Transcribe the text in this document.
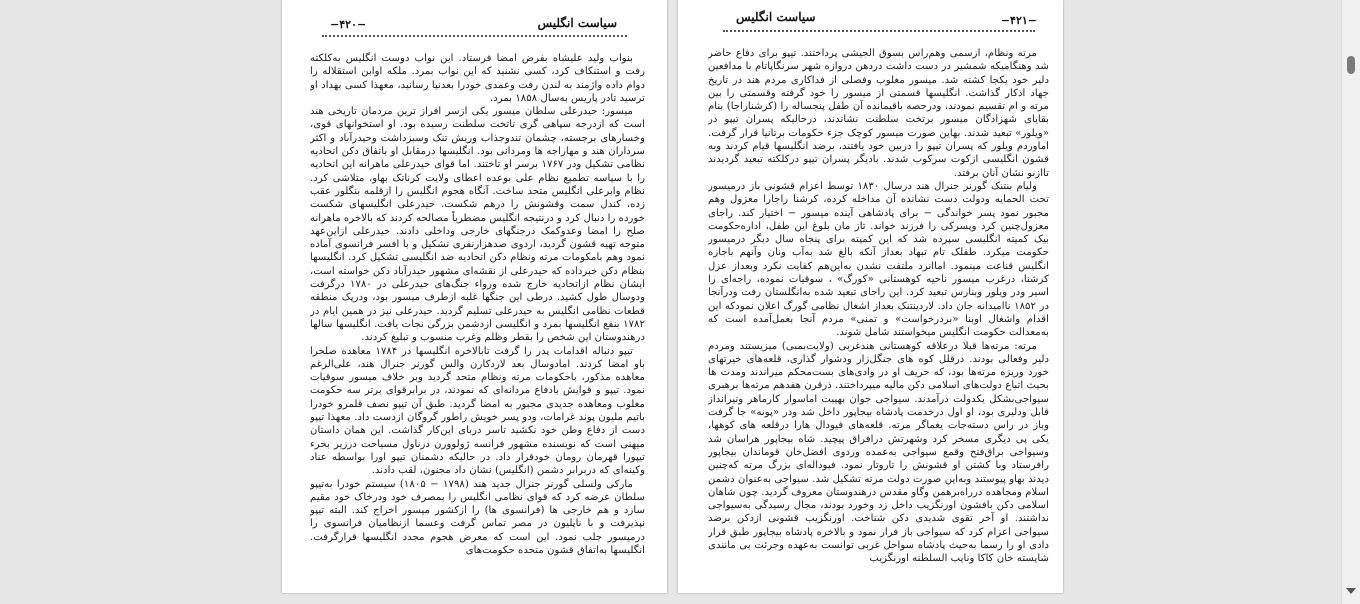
−۴۲۰−	سیاست انگلیس

بنواب ولید علیشاه بفرض امضا فرستاد. این نواب دوست انگلیس به‌کلکته رفت و استنکاف کرد، کسی نشنید که این نواب بمرد. ملکه اوابن استقلاله را دوام داده واژمند به لندن رفت وعمدی خودرا بعدنیا رسانید، معهذا کسی بهداد او ترسید تادر پاریس به‌سال ۱۸۵۸ بمرد.

میسور: حیدرعلی سلطان میسور یکی ازسر افراز ترین مردمان تاریخی هند است که ازدرجه سپاهی گری تاتخت سلطنت رسیده بود. او استخوانهای قوی، وخسارهای برجسته، چشمان تندوجذاب وریش تنک وسبزداشت وحیدرآباد و اکثر سرداران هند و مهاراجه ها ومردانی بود. انگلیسها درمقابل او باتفاق دکن اتحادیه نظامی تشکیل ودر ۱۷۶۷ برسر او تاختند. اما قوای حیدرعلی ماهرانه این اتحادیه را با سیاسه تطمیع نظام علی بوعده اعطای ولایت کرناتک بهاو، متلاشی کرد. نظام وابرعلی انگلیس متحد ساخت. آنگاه هجوم انگلیس را ازقلمه بنگلور عقب زده، کندل سمت وقشونش را درهم شکست. حیدرعلی انگلیسهای شکست خورده را دنبال کرد و درنتیجه انگلیس مضطرباً مصالحه کردند که بالاخره ماهرانه صلح را امضا وعدوکمک درجنگهای خارجی وداخلی دادند. حیدرعلی ازاین‌عهد متوجه تهیه قشون گردید، اردوی صدهزارنفری تشکیل و با افسر فرانسوی آماده نمود وهم بامکومات مرته ونظام دکن اتحادیه ضد انگلیسی تشکیل کرد. انگلیسها بنظام دکن خبرداده که حیدرعلی از نقشه‌ای مشهور حیدرآباد دکن خواسته است، ایشان نظام ازاتحادیه خارج شده ورواء جنگ‌های حیدرعلی در ۱۷۸۰ درگرفت ودوسال طول کشید. درطی این جنگها غلبه ازطرف میسور بود، ودرپک منطقه قطعات نظامی انگلیس به حیدرعلی تسلیم گردید. حیدرعلی نیز در همین ایام در ۱۷۸۲ بنفع انگلیسها بمرد و انگلیسی ازدشمن بزرگی نجات یافت. انگلیسها سالها درهندوستان این شخص را بقطر وظلم وغرب منسوب و تبلیغ کردند.

تیپو دنباله اقدامات پدر را گرفت تابالاخره انگلیسها در ۱۷۸۴ معاهده صلحرا باو امضا کردند. امادوسال بعد لاردکارن والس گورنر جنرال هند، علی‌الرغم معاهده مذکور، باحکومات مرته ونظام متحد گردید وبر خلاف میسور سوقیات نمود. تیپو و قوایش بادفاع مردانه‌ای که نمودند، در برابرقوای برتر سه حکومت مغلوب ومعاهده جدیدی مجبور به امضا گردید. طبق آن تیپو نصف قلمرو خودرا باتیم ملیون پوند غرامات، ودو پسر خویش راطور گروگان ازدست داد. معهذا تیپو دست از دفاع وطن خود نکشید تاسر دربای این‌کار گذاشت. این همان داستان میهنی است که نویسنده مشهور فرانسه ژولوورن درناول مسیاحت درزیر بحرء تیپورا قهرمان رومان خودقرار داد. در حالیکه دشمنان تیپو اورا بواسطه عناد وکینه‌ای که دربرابر دشمن (انگلیس) نشان داد مجنون، لقب دادند.

مارکی ولسلی گورنر جنرال جدید هند (۱۷۹۸ − ۱۸۰۵) سیستم خودرا به‌تیپو سلطان عرضه کرد که قوای نظامی انگلیس را بمصرف خود ودرخاک خود مقیم سازد و هم خارجی ها (فرانسوی ها) را ازکشور میسور اخراج کند. البته تیپو نپذیرفت و با ناپلیون در مصر تماس گرفت وعسما ازنظامیان فرانسوی را درمیسور جلب نمود. این است که معرض هجوم مجدد انگلیسها قرارگرفت. انگلیسها به‌اتفاق قشون متحده حکومت‌های

−۴۲۱−
سیاست انگلیس

مرته ونظام، ازسمی وهم‌راس بسوق الجیشی پرداختند. تیپو برای دفاع حاضر شد وهنگامیکه شمشیر در دست داشت دردهن دروازه شهر سرنگاپاتام با مدافعین دلیر خود یکجا کشته شد. میسور مغلوب وفصلی از فداکاری مردم هند در تاریخ جهاد اذکار گذاشت. انگلیسها قسمتی از میسور را خود گرفته وقسمتی را بین مرته و ام تقسیم نمودند، ودرحصه باقیمانده آن طفل پنجساله را (کرشناراجا) بنام بقایای شهزادگان میسور برتخت سلطنت نشاندند، درحالیکه پسران تیپو در «ویلور» تبعید شدند. بهاین صورت میسور کوچک جزء حکومات برتانیا قرار گرفت. اماوردم ویلور که پسران تیپو را دربین خود یافتند، برضد انگلیسها قیام کردند وبه قشون انگلیسی ازکوت سرکوب شدند. بادیگر پسران تیپو درکلکته تبعید گردیدند تاازنو نشان آنان برفتد.

ولیام بنتنک گورنر جنرال هند درسال ۱۸۳۰ توسط اعزام قشونی باز درمیسور تحت الحمایه ودولت دست نشانده آن مداخله کرده، کرشنا راجارا معزول وهم مجبور نمود پسر خواندگی − برای پادشاهی آینده میسور − اختیار کند. راجای معزول‌چنین کرد وپسرکی را فرزند خواند. تاز مان بلوغ این طفل، اداره‌حکومت بیک کمیته انگلیسی سپرده شد که این کمیته برای پنجاه سال دیگر درمیسور حکومت میکرد. طفلک تام تبهاد بعداز آنکه بالغ شد به‌آب ونان وآنهم باجازه انگلیس قناعت مینمود. اماانرد ملتفت نشدن به‌این‌هم کفایت نکرد وبعداز عزل کرشنا، درغرب میسور ناحیه کوهستانی «کورگ» ، سوقیات نموده، راجه‌ای را اسیر ودر ویلور وبنارس تبعید کرد. این راجای تبعید شده به‌انگلستان رفت ودرآنجا در ۱۸۵۲ ناامیدانه جان داد. لاردینتنک بعداز اشغال نظامی گورگ اعلان نمودکه این اقدام واشغال اوبنا «بردرخواست» و تمنی» مردم آنجا بعمل‌آمده است که به‌معدالت حکومت انگلیس میخواستند شامل شوند.

مرته: مرته‌ها قبلا درعلاقه کوهستانی هندغربی (ولایت‌بمبی) میزیستند ومردم دلیر وفعالی بودند. درقلل کوه های جنگل‌زار ودشوار گذاری، قلعه‌های خیرتها‌ی خورد وریزه مرته‌ها بود، که حریف او در وادی‌های بست‌محکم میراندند ومدت ها بحیث اتباع دولت‌های اسلامی دکن مالیه میپرداختند. ذرقرن هفدهم مرته‌ها برهبری سیواجی‌بشکل یکدولت درآمدند. سیواجی جوان بهیبت اماسوار کارماهر وتیرانداز قابل ودلیری بود، او اول درخدمت پادشاه بیجاپور داخل شد ودر «پونه» جا گرفت وباز در راس دسته‌جات یغماگر مرته. قلعه‌های فیودال هارا درقلعه های کوهها، یکی پی دیگری مسخر کرد وشهرتش درافراق پیچید. شاه بیجاپور هراسان شد وسیواجی براق‌فتح وقمع سیواجی به‌عمده وردوی افضل‌خان قوماندان بیجاپور رافرستاد وبا کشتن او قشونش را تاروتار نمود. فیوداله‌ای بزرگ مرته که‌چنین دیدند بهاو پیوستند وبه‌این صورت دولت مرته تشکیل شد. سیواجی به‌عنوان دشمن اسلام ومجاهده درراه‌برهمن وگاو مقدس درهندوستان معروف گردید. چون شاهان اسلامی دکن بافشون اورنگزیب داخل زد وخورد بودند، مجال رسیدگی به‌سیواجی نداشتند. او آخر تقوی شدیدی دکن شناخت. اورنگزیب قشونی ازدکن برضد سیواجی اعزام کرد که سیواجی باز فرار نمود و بالاخره پادشاه بیجاپور طبق قرار دادی او را رسما به‌حیث پادشاه سواحل غربی توانست به‌عهده وجرئت بی مانندی شایسته خان کاکا ونایب السلطنه اورنگزیب
